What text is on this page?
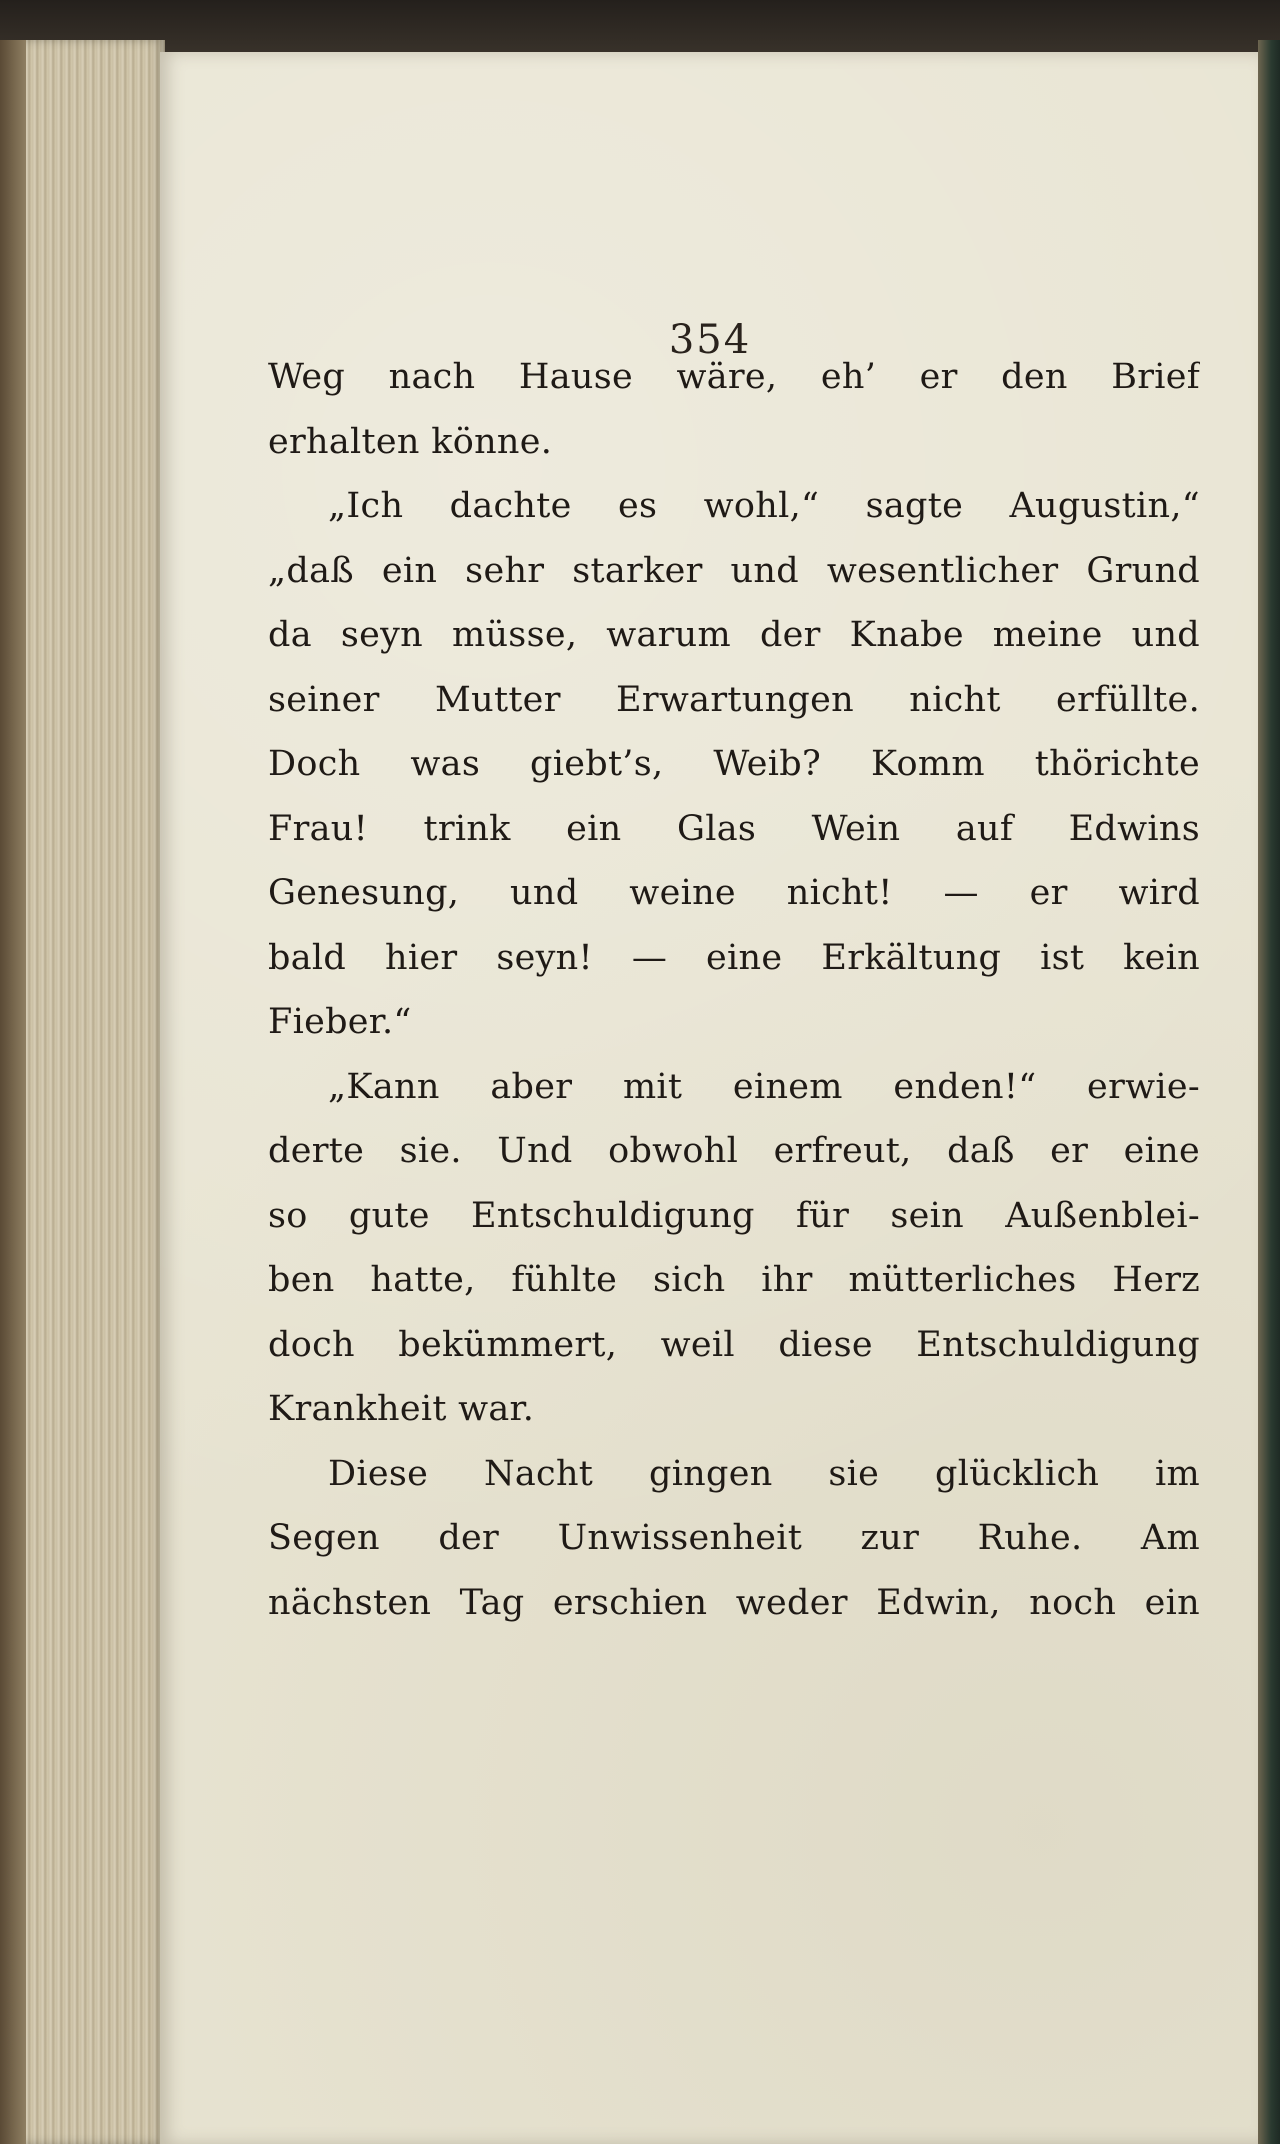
354
Weg nach Hause wäre, eh’ er den Brief
erhalten könne.
„Ich dachte es wohl,“ sagte Augustin,“
„daß ein sehr starker und wesentlicher Grund
da seyn müsse, warum der Knabe meine und
seiner Mutter Erwartungen nicht erfüllte.
Doch was giebt’s, Weib? Komm thörichte
Frau! trink ein Glas Wein auf Edwins
Genesung, und weine nicht! — er wird
bald hier seyn! — eine Erkältung ist kein
Fieber.“
„Kann aber mit einem enden!“ erwie-
derte sie. Und obwohl erfreut, daß er eine
so gute Entschuldigung für sein Außenblei-
ben hatte, fühlte sich ihr mütterliches Herz
doch bekümmert, weil diese Entschuldigung
Krankheit war.
Diese Nacht gingen sie glücklich im
Segen der Unwissenheit zur Ruhe. Am
nächsten Tag erschien weder Edwin, noch ein
